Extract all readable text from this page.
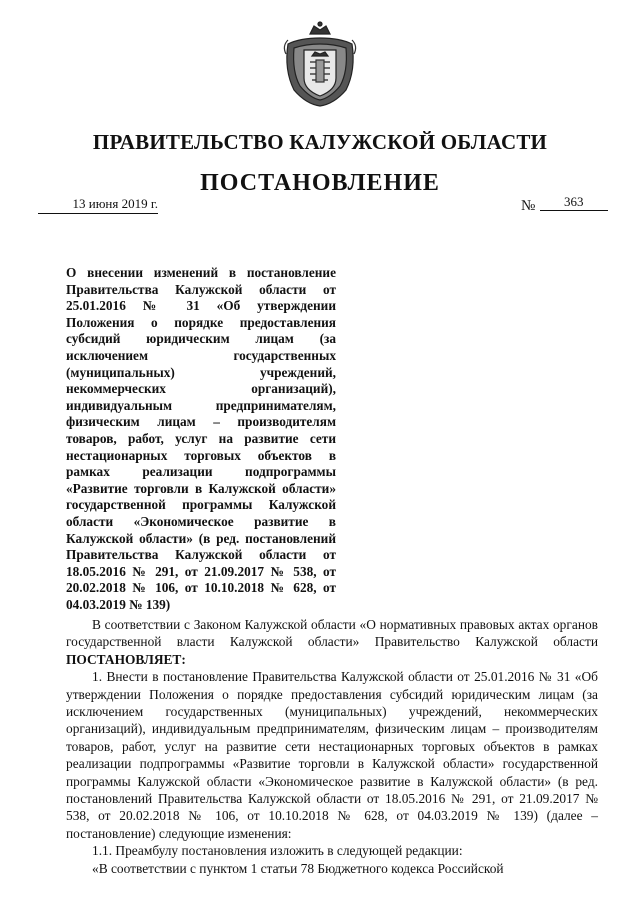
ПРАВИТЕЛЬСТВО КАЛУЖСКОЙ ОБЛАСТИ
ПОСТАНОВЛЕНИЕ
13 июня 2019 г.	№	363
О внесении изменений в постановление Правительства Калужской области от 25.01.2016 № 31 «Об утверждении Положения о порядке предоставления субсидий юридическим лицам (за исключением государственных (муниципальных) учреждений, некоммерческих организаций), индивидуальным предпринимателям, физическим лицам – производителям товаров, работ, услуг на развитие сети нестационарных торговых объектов в рамках реализации подпрограммы «Развитие торговли в Калужской области» государственной программы Калужской области «Экономическое развитие в Калужской области» (в ред. постановлений Правительства Калужской области от 18.05.2016 № 291, от 21.09.2017 № 538, от 20.02.2018 № 106, от 10.10.2018 № 628, от 04.03.2019 № 139)

В соответствии с Законом Калужской области «О нормативных правовых актах органов государственной власти Калужской области» Правительство Калужской области ПОСТАНОВЛЯЕТ:

1. Внести в постановление Правительства Калужской области от 25.01.2016 № 31 «Об утверждении Положения о порядке предоставления субсидий юридическим лицам (за исключением государственных (муниципальных) учреждений, некоммерческих организаций), индивидуальным предпринимателям, физическим лицам – производителям товаров, работ, услуг на развитие сети нестационарных торговых объектов в рамках реализации подпрограммы «Развитие торговли в Калужской области» государственной программы Калужской области «Экономическое развитие в Калужской области» (в ред. постановлений Правительства Калужской области от 18.05.2016 № 291, от 21.09.2017 № 538, от 20.02.2018 № 106, от 10.10.2018 № 628, от 04.03.2019 № 139) (далее – постановление) следующие изменения:

1.1. Преамбулу постановления изложить в следующей редакции:

«В соответствии с пунктом 1 статьи 78 Бюджетного кодекса Российской
